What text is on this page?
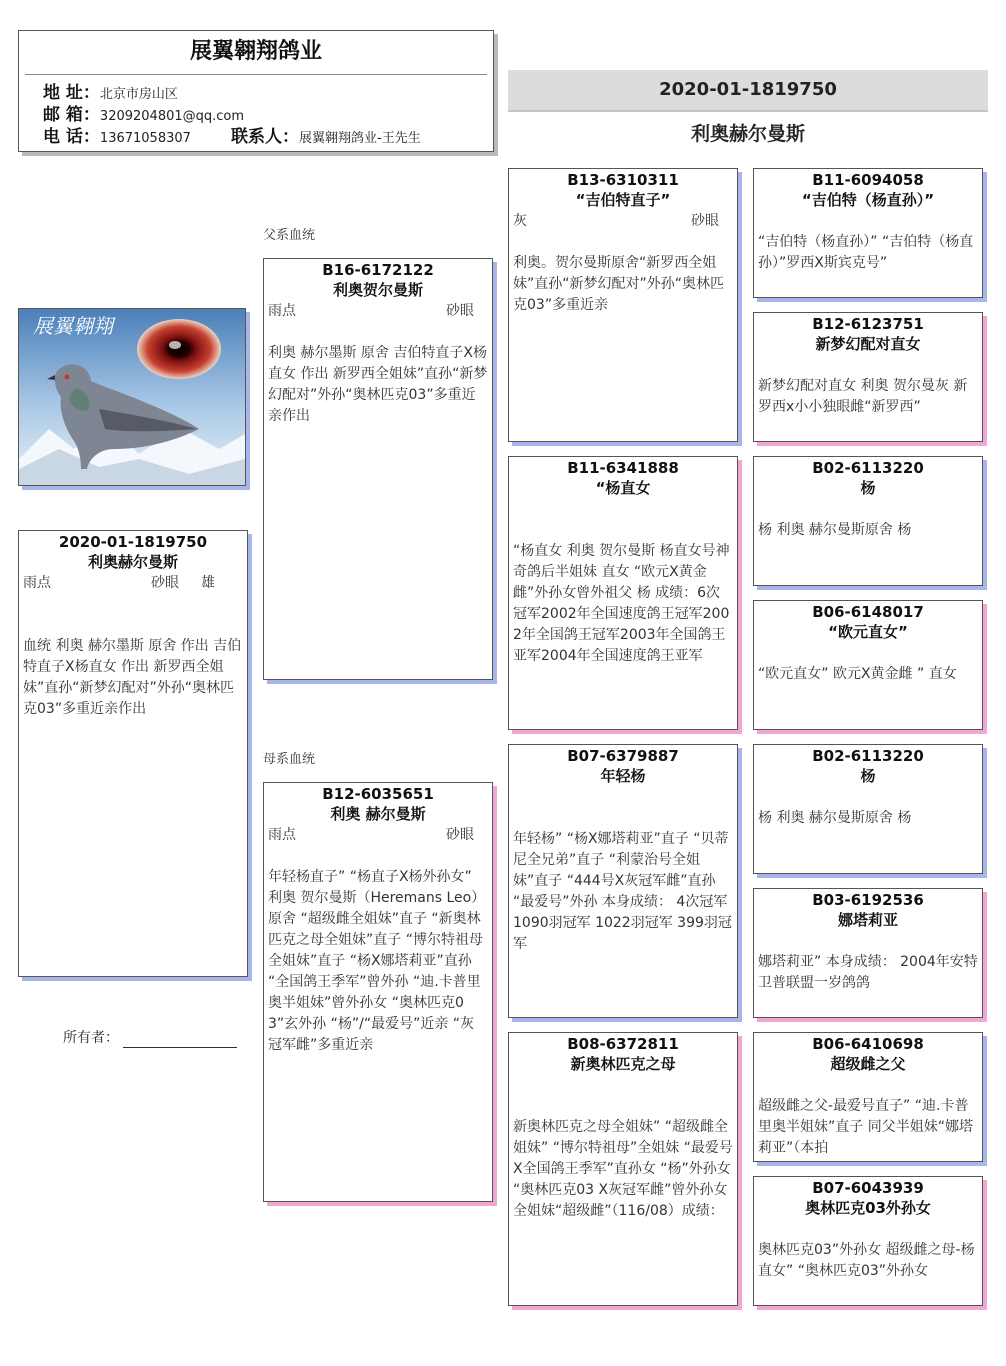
展翼翱翔鸽业
地 址：北京市房山区
邮 箱：3209204801@qq.com
电 话：13671058307 联系人：展翼翱翔鸽业-王先生
2020-01-1819750
利奥赫尔曼斯
展翼翱翔
2020-01-1819750
利奥赫尔曼斯
雨点	砂眼 雄
血统 利奥 赫尔墨斯 原舍 作出 吉伯特直子X杨直女 作出 新罗西全姐妹”直孙“新梦幻配对”外孙“奥林匹克03”多重近亲作出
所有者：
父系血统
母系血统
B16-6172122
利奥贺尔曼斯
雨点	砂眼
利奥 赫尔墨斯 原舍 吉伯特直子X杨直女 作出 新罗西全姐妹”直孙“新梦幻配对”外孙“奥林匹克03”多重近亲作出
B12-6035651
利奥 赫尔曼斯
雨点	砂眼
年轻杨直子” “杨直子X杨外孙女” 利奥 贺尔曼斯（Heremans Leo）原舍 “超级雌全姐妹”直子 “新奥林匹克之母全姐妹”直子 “博尔特祖母全姐妹”直子 “杨X娜塔莉亚”直孙 “全国鸽王季军”曾外孙 “迪.卡普里奥半姐妹”曾外孙女 “奥林匹克03”玄外孙 “杨”/“最爱号”近亲 “灰冠军雌”多重近亲
B13-6310311
“吉伯特直子”
灰	砂眼
利奥。贺尔曼斯原舍“新罗西全姐妹”直孙“新梦幻配对”外孙“奥林匹克03”多重近亲
B11-6341888
“杨直女
“杨直女 利奥 贺尔曼斯 杨直女号神奇鸽后半姐妹 直女 “欧元X黄金雌”外孙女曾外祖父 杨 成绩：6次冠军2002年全国速度鸽王冠军2002年全国鸽王冠军2003年全国鸽王亚军2004年全国速度鸽王亚军
B07-6379887
年轻杨
年轻杨” “杨X娜塔莉亚”直子 “贝蒂尼全兄弟”直子 “利蒙治号全姐妹”直子 “444号X灰冠军雌”直孙 “最爱号”外孙 本身成绩： 4次冠军 1090羽冠军 1022羽冠军 399羽冠军
B08-6372811
新奥林匹克之母
新奥林匹克之母全姐妹” “超级雌全姐妹” “博尔特祖母”全姐妹 “最爱号X全国鸽王季军”直孙女 “杨”外孙女 “奥林匹克03 X灰冠军雌”曾外孙女 全姐妹“超级雌”（116/08）成绩：
B11-6094058
“吉伯特（杨直孙）”
“吉伯特（杨直孙）” “吉伯特（杨直孙）”罗西X斯宾克号”
B12-6123751
新梦幻配对直女
新梦幻配对直女 利奥 贺尔曼灰 新罗西x小小独眼雌“新罗西”
B02-6113220
杨
杨 利奥 赫尔曼斯原舍 杨
B06-6148017
“欧元直女”
“欧元直女” 欧元X黄金雌 ” 直女
B02-6113220
杨
杨 利奥 赫尔曼斯原舍 杨
B03-6192536
娜塔莉亚
娜塔莉亚” 本身成绩： 2004年安特卫普联盟一岁鸽鸽
B06-6410698
超级雌之父
超级雌之父-最爱号直子” “迪.卡普里奥半姐妹”直子 同父半姐妹“娜塔莉亚”（本拍
B07-6043939
奥林匹克03外孙女
奥林匹克03”外孙女 超级雌之母-杨直女” “奥林匹克03”外孙女
